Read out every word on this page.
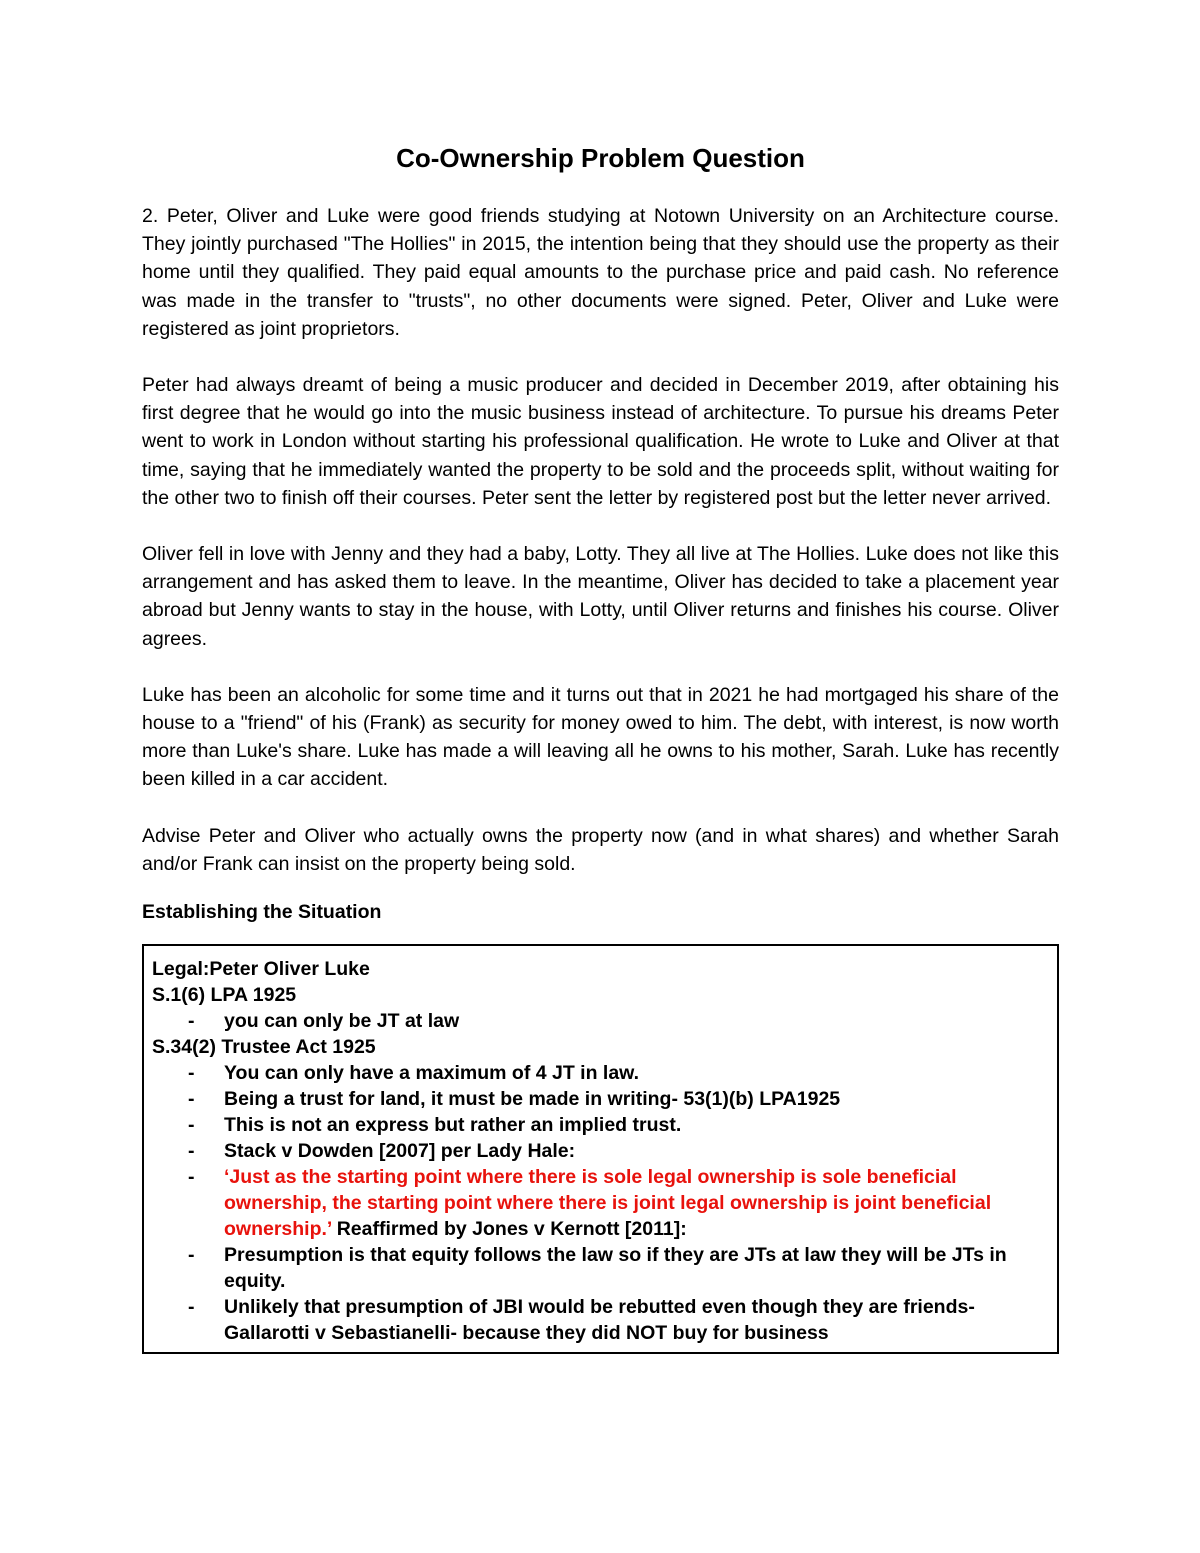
Co-Ownership Problem Question

2. Peter, Oliver and Luke were good friends studying at Notown University on an Architecture course. They jointly purchased "The Hollies" in 2015, the intention being that they should use the property as their home until they qualified. They paid equal amounts to the purchase price and paid cash. No reference was made in the transfer to "trusts", no other documents were signed. Peter, Oliver and Luke were registered as joint proprietors.

Peter had always dreamt of being a music producer and decided in December 2019, after obtaining his first degree that he would go into the music business instead of architecture. To pursue his dreams Peter went to work in London without starting his professional qualification. He wrote to Luke and Oliver at that time, saying that he immediately wanted the property to be sold and the proceeds split, without waiting for the other two to finish off their courses. Peter sent the letter by registered post but the letter never arrived.

Oliver fell in love with Jenny and they had a baby, Lotty. They all live at The Hollies. Luke does not like this arrangement and has asked them to leave. In the meantime, Oliver has decided to take a placement year abroad but Jenny wants to stay in the house, with Lotty, until Oliver returns and finishes his course. Oliver agrees.

Luke has been an alcoholic for some time and it turns out that in 2021 he had mortgaged his share of the house to a "friend" of his (Frank) as security for money owed to him. The debt, with interest, is now worth more than Luke's share. Luke has made a will leaving all he owns to his mother, Sarah. Luke has recently been killed in a car accident.

Advise Peter and Oliver who actually owns the property now (and in what shares) and whether Sarah and/or Frank can insist on the property being sold.

Establishing the Situation

Legal:Peter Oliver Luke

S.1(6) LPA 1925

- you can only be JT at law

S.34(2) Trustee Act 1925

- You can only have a maximum of 4 JT in law.
- Being a trust for land, it must be made in writing- 53(1)(b) LPA1925
- This is not an express but rather an implied trust.
- Stack v Dowden [2007] per Lady Hale:
- ‘Just as the starting point where there is sole legal ownership is sole beneficial ownership, the starting point where there is joint legal ownership is joint beneficial ownership.’ Reaffirmed by Jones v Kernott [2011]:
- Presumption is that equity follows the law so if they are JTs at law they will be JTs in equity.
- Unlikely that presumption of JBI would be rebutted even though they are friends- Gallarotti v Sebastianelli- because they did NOT buy for business
